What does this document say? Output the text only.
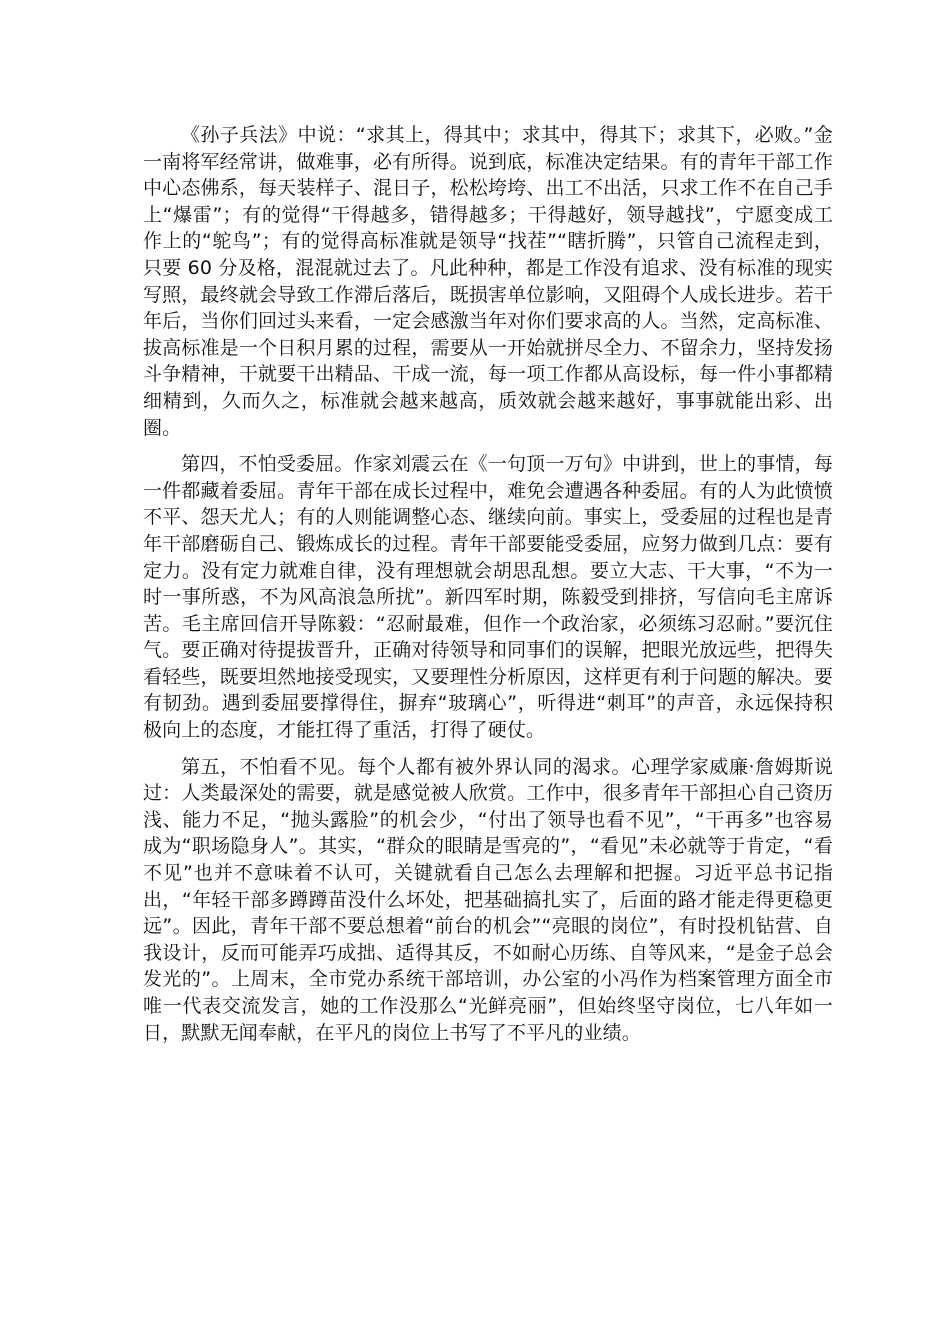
《孙子兵法》中说：“求其上，得其中；求其中，得其下；求其下，必败。”金一南将军经常讲，做难事，必有所得。说到底，标准决定结果。有的青年干部工作中心态佛系，每天装样子、混日子，松松垮垮、出工不出活，只求工作不在自己手上“爆雷”；有的觉得“干得越多，错得越多；干得越好，领导越找”，宁愿变成工作上的“鸵鸟”；有的觉得高标准就是领导“找茬”“瞎折腾”，只管自己流程走到，只要 60 分及格，混混就过去了。凡此种种，都是工作没有追求、没有标准的现实写照，最终就会导致工作滞后落后，既损害单位影响，又阻碍个人成长进步。若干年后，当你们回过头来看，一定会感激当年对你们要求高的人。当然，定高标准、拔高标准是一个日积月累的过程，需要从一开始就拼尽全力、不留余力，坚持发扬斗争精神，干就要干出精品、干成一流，每一项工作都从高设标，每一件小事都精细精到，久而久之，标准就会越来越高，质效就会越来越好，事事就能出彩、出圈。

第四，不怕受委屈。作家刘震云在《一句顶一万句》中讲到，世上的事情，每一件都藏着委屈。青年干部在成长过程中，难免会遭遇各种委屈。有的人为此愤愤不平、怨天尤人；有的人则能调整心态、继续向前。事实上，受委屈的过程也是青年干部磨砺自己、锻炼成长的过程。青年干部要能受委屈，应努力做到几点：要有定力。没有定力就难自律，没有理想就会胡思乱想。要立大志、干大事，“不为一时一事所惑，不为风高浪急所扰”。新四军时期，陈毅受到排挤，写信向毛主席诉苦。毛主席回信开导陈毅：“忍耐最难，但作一个政治家，必须练习忍耐。”要沉住气。要正确对待提拔晋升，正确对待领导和同事们的误解，把眼光放远些，把得失看轻些，既要坦然地接受现实，又要理性分析原因，这样更有利于问题的解决。要有韧劲。遇到委屈要撑得住，摒弃“玻璃心”，听得进“刺耳”的声音，永远保持积极向上的态度，才能扛得了重活，打得了硬仗。

第五，不怕看不见。每个人都有被外界认同的渴求。心理学家威廉·詹姆斯说过：人类最深处的需要，就是感觉被人欣赏。工作中，很多青年干部担心自己资历浅、能力不足，“抛头露脸”的机会少，“付出了领导也看不见”，“干再多”也容易成为“职场隐身人”。其实，“群众的眼睛是雪亮的”，“看见”未必就等于肯定，“看不见”也并不意味着不认可，关键就看自己怎么去理解和把握。习近平总书记指出，“年轻干部多蹲蹲苗没什么坏处，把基础搞扎实了，后面的路才能走得更稳更远”。因此，青年干部不要总想着“前台的机会”“亮眼的岗位”，有时投机钻营、自我设计，反而可能弄巧成拙、适得其反，不如耐心历练、自等风来，“是金子总会发光的”。上周末，全市党办系统干部培训，办公室的小冯作为档案管理方面全市唯一代表交流发言，她的工作没那么“光鲜亮丽”，但始终坚守岗位，七八年如一日，默默无闻奉献，在平凡的岗位上书写了不平凡的业绩。
